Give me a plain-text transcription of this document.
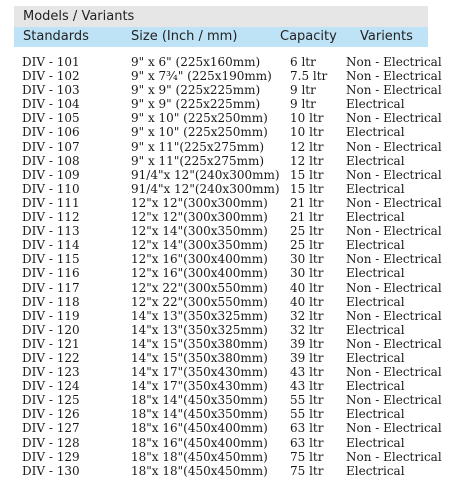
Models / Variants
Standards	Size (Inch / mm)	Capacity Varients
DIV - 101	9" x 6" (225x160mm) 6 ltr	Non - Electrical
DIV - 102	9" x 7¾" (225x190mm) 7.5 ltr Non - Electrical
DIV - 103	9" x 9" (225x225mm) 9 ltr	Non - Electrical
DIV - 104	9" x 9" (225x225mm) 9 ltr	Electrical
DIV - 105	9" x 10" (225x250mm) 10 ltr Non - Electrical
DIV - 106	9" x 10" (225x250mm) 10 ltr Electrical
DIV - 107	9" x 11"(225x275mm) 12 ltr Non - Electrical
DIV - 108	9" x 11"(225x275mm) 12 ltr Electrical
DIV - 109	91/4"x 12"(240x300mm) 15 ltr Non - Electrical
DIV - 110	91/4"x 12"(240x300mm) 15 ltr Electrical
DIV - 111	12"x 12"(300x300mm) 21 ltr Non - Electrical
DIV - 112	12"x 12"(300x300mm) 21 ltr Electrical
DIV - 113	12"x 14"(300x350mm) 25 ltr Non - Electrical
DIV - 114	12"x 14"(300x350mm) 25 ltr Electrical
DIV - 115	12"x 16"(300x400mm) 30 ltr Non - Electrical
DIV - 116	12"x 16"(300x400mm) 30 ltr Electrical
DIV - 117	12"x 22"(300x550mm) 40 ltr Non - Electrical
DIV - 118	12"x 22"(300x550mm) 40 ltr Electrical
DIV - 119	14"x 13"(350x325mm) 32 ltr Non - Electrical
DIV - 120	14"x 13"(350x325mm) 32 ltr Electrical
DIV - 121	14"x 15"(350x380mm) 39 ltr Non - Electrical
DIV - 122	14"x 15"(350x380mm) 39 ltr Electrical
DIV - 123	14"x 17"(350x430mm) 43 ltr Non - Electrical
DIV - 124	14"x 17"(350x430mm) 43 ltr Electrical
DIV - 125	18"x 14"(450x350mm) 55 ltr Non - Electrical
DIV - 126	18"x 14"(450x350mm) 55 ltr Electrical
DIV - 127	18"x 16"(450x400mm) 63 ltr Non - Electrical
DIV - 128	18"x 16"(450x400mm) 63 ltr Electrical
DIV - 129	18"x 18"(450x450mm) 75 ltr Non - Electrical
DIV - 130	18"x 18"(450x450mm) 75 ltr Electrical
